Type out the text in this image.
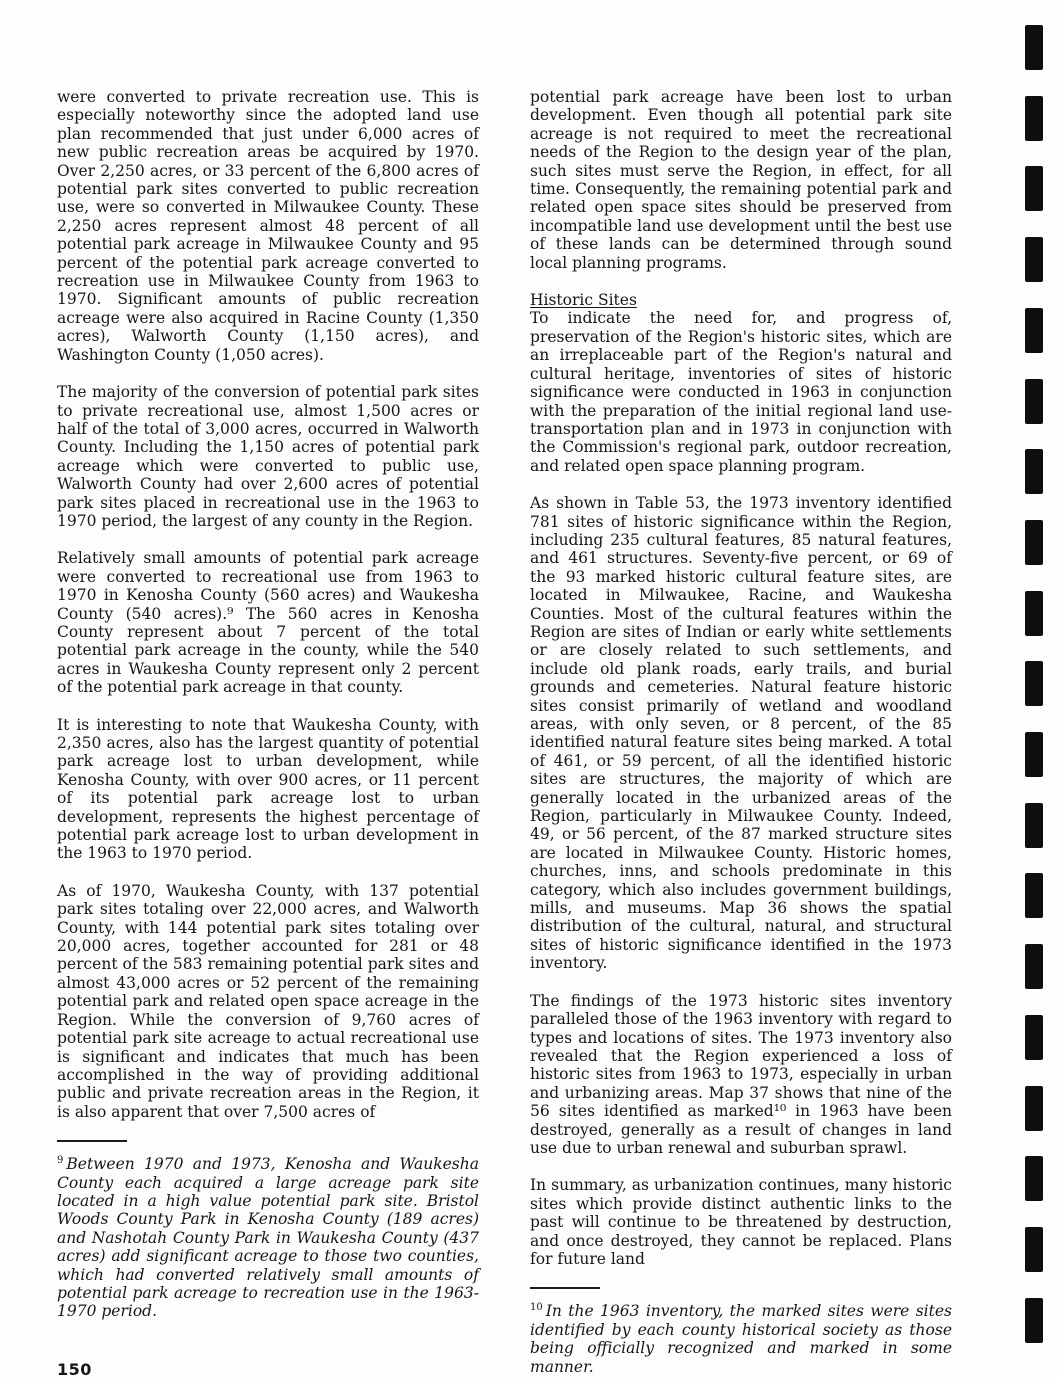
were converted to private recreation use. This is especially noteworthy since the adopted land use plan recommended that just under 6,000 acres of new public recreation areas be acquired by 1970. Over 2,250 acres, or 33 percent of the 6,800 acres of potential park sites converted to public recreation use, were so converted in Milwaukee County. These 2,250 acres represent almost 48 percent of all potential park acreage in Milwaukee County and 95 percent of the potential park acreage converted to recreation use in Milwaukee County from 1963 to 1970. Significant amounts of public recreation acreage were also acquired in Racine County (1,350 acres), Walworth County (1,150 acres), and Washington County (1,050 acres).

The majority of the conversion of potential park sites to private recreational use, almost 1,500 acres or half of the total of 3,000 acres, occurred in Walworth County. Including the 1,150 acres of potential park acreage which were converted to public use, Walworth County had over 2,600 acres of potential park sites placed in recreational use in the 1963 to 1970 period, the largest of any county in the Region.

Relatively small amounts of potential park acreage were converted to recreational use from 1963 to 1970 in Kenosha County (560 acres) and Waukesha County (540 acres).⁹ The 560 acres in Kenosha County represent about 7 percent of the total potential park acreage in the county, while the 540 acres in Waukesha County represent only 2 percent of the potential park acreage in that county.

It is interesting to note that Waukesha County, with 2,350 acres, also has the largest quantity of potential park acreage lost to urban development, while Kenosha County, with over 900 acres, or 11 percent of its potential park acreage lost to urban development, represents the highest percentage of potential park acreage lost to urban development in the 1963 to 1970 period.

As of 1970, Waukesha County, with 137 potential park sites totaling over 22,000 acres, and Walworth County, with 144 potential park sites totaling over 20,000 acres, together accounted for 281 or 48 percent of the 583 remaining potential park sites and almost 43,000 acres or 52 percent of the remaining potential park and related open space acreage in the Region. While the conversion of 9,760 acres of potential park site acreage to actual recreational use is significant and indicates that much has been accomplished in the way of providing additional public and private recreation areas in the Region, it is also apparent that over 7,500 acres of

$^9$ Between 1970 and 1973, Kenosha and Waukesha County each acquired a large acreage park site located in a high value potential park site. Bristol Woods County Park in Kenosha County (189 acres) and Nashotah County Park in Waukesha County (437 acres) add significant acreage to those two counties, which had converted relatively small amounts of potential park acreage to recreation use in the 1963-1970 period.

150

potential park acreage have been lost to urban development. Even though all potential park site acreage is not required to meet the recreational needs of the Region to the design year of the plan, such sites must serve the Region, in effect, for all time. Consequently, the remaining potential park and related open space sites should be preserved from incompatible land use development until the best use of these lands can be determined through sound local planning programs.

Historic Sites

To indicate the need for, and progress of, preservation of the Region's historic sites, which are an irreplaceable part of the Region's natural and cultural heritage, inventories of sites of historic significance were conducted in 1963 in conjunction with the preparation of the initial regional land use-transportation plan and in 1973 in conjunction with the Commission's regional park, outdoor recreation, and related open space planning program.

As shown in Table 53, the 1973 inventory identified 781 sites of historic significance within the Region, including 235 cultural features, 85 natural features, and 461 structures. Seventy-five percent, or 69 of the 93 marked historic cultural feature sites, are located in Milwaukee, Racine, and Waukesha Counties. Most of the cultural features within the Region are sites of Indian or early white settlements or are closely related to such settlements, and include old plank roads, early trails, and burial grounds and cemeteries. Natural feature historic sites consist primarily of wetland and woodland areas, with only seven, or 8 percent, of the 85 identified natural feature sites being marked. A total of 461, or 59 percent, of all the identified historic sites are structures, the majority of which are generally located in the urbanized areas of the Region, particularly in Milwaukee County. Indeed, 49, or 56 percent, of the 87 marked structure sites are located in Milwaukee County. Historic homes, churches, inns, and schools predominate in this category, which also includes government buildings, mills, and museums. Map 36 shows the spatial distribution of the cultural, natural, and structural sites of historic significance identified in the 1973 inventory.

The findings of the 1973 historic sites inventory paralleled those of the 1963 inventory with regard to types and locations of sites. The 1973 inventory also revealed that the Region experienced a loss of historic sites from 1963 to 1973, especially in urban and urbanizing areas. Map 37 shows that nine of the 56 sites identified as marked¹⁰ in 1963 have been destroyed, generally as a result of changes in land use due to urban renewal and suburban sprawl.

In summary, as urbanization continues, many historic sites which provide distinct authentic links to the past will continue to be threatened by destruction, and once destroyed, they cannot be replaced. Plans for future land

$^{10}$ In the 1963 inventory, the marked sites were sites identified by each county historical society as those being officially recognized and marked in some manner.
